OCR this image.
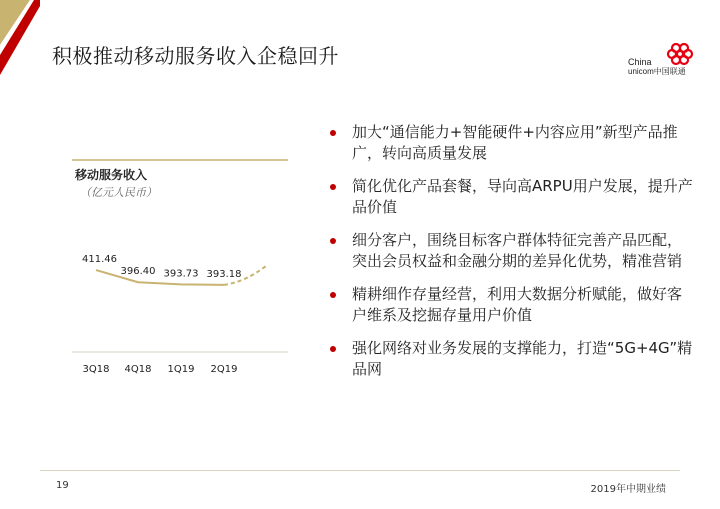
积极推动移动服务收入企稳回升	China
unicom中国联通
移动服务收入
（亿元人民币）
411.46
396.40 393.73 393.18
3Q18 4Q18 1Q19 2Q19
加大“通信能力+智能硬件+内容应用”新型产品推广，转向高质量发展
简化优化产品套餐，导向高ARPU用户发展，提升产品价值
细分客户，围绕目标客户群体特征完善产品匹配，突出会员权益和金融分期的差异化优势，精准营销
精耕细作存量经营，利用大数据分析赋能，做好客户维系及挖掘存量用户价值
强化网络对业务发展的支撑能力，打造“5G+4G”精品网
19	2019年中期业绩
